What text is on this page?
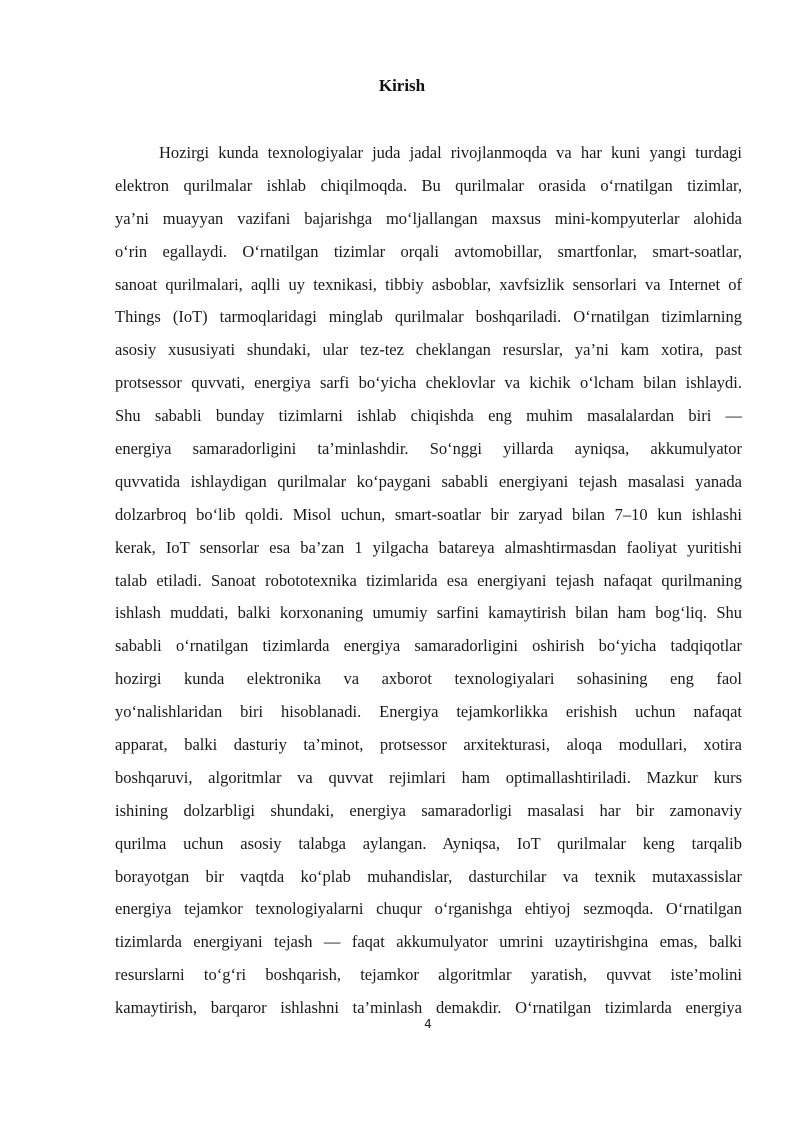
Kirish
Hozirgi kunda texnologiyalar juda jadal rivojlanmoqda va har kuni yangi turdagi
elektron qurilmalar ishlab chiqilmoqda. Bu qurilmalar orasida o‘rnatilgan tizimlar,
ya’ni muayyan vazifani bajarishga mo‘ljallangan maxsus mini-kompyuterlar alohida
o‘rin egallaydi. O‘rnatilgan tizimlar orqali avtomobillar, smartfonlar, smart-soatlar,
sanoat qurilmalari, aqlli uy texnikasi, tibbiy asboblar, xavfsizlik sensorlari va Internet of
Things (IoT) tarmoqlaridagi minglab qurilmalar boshqariladi. O‘rnatilgan tizimlarning
asosiy xususiyati shundaki, ular tez-tez cheklangan resurslar, ya’ni kam xotira, past
protsessor quvvati, energiya sarfi bo‘yicha cheklovlar va kichik o‘lcham bilan ishlaydi.
Shu sababli bunday tizimlarni ishlab chiqishda eng muhim masalalardan biri —
energiya samaradorligini ta’minlashdir. So‘nggi yillarda ayniqsa, akkumulyator
quvvatida ishlaydigan qurilmalar ko‘paygani sababli energiyani tejash masalasi yanada
dolzarbroq bo‘lib qoldi. Misol uchun, smart-soatlar bir zaryad bilan 7–10 kun ishlashi
kerak, IoT sensorlar esa ba’zan 1 yilgacha batareya almashtirmasdan faoliyat yuritishi
talab etiladi. Sanoat robototexnika tizimlarida esa energiyani tejash nafaqat qurilmaning
ishlash muddati, balki korxonaning umumiy sarfini kamaytirish bilan ham bog‘liq. Shu
sababli o‘rnatilgan tizimlarda energiya samaradorligini oshirish bo‘yicha tadqiqotlar
hozirgi kunda elektronika va axborot texnologiyalari sohasining eng faol
yo‘nalishlaridan biri hisoblanadi. Energiya tejamkorlikka erishish uchun nafaqat
apparat, balki dasturiy ta’minot, protsessor arxitekturasi, aloqa modullari, xotira
boshqaruvi, algoritmlar va quvvat rejimlari ham optimallashtiriladi. Mazkur kurs
ishining dolzarbligi shundaki, energiya samaradorligi masalasi har bir zamonaviy
qurilma uchun asosiy talabga aylangan. Ayniqsa, IoT qurilmalar keng tarqalib
borayotgan bir vaqtda ko‘plab muhandislar, dasturchilar va texnik mutaxassislar
energiya tejamkor texnologiyalarni chuqur o‘rganishga ehtiyoj sezmoqda. O‘rnatilgan
tizimlarda energiyani tejash — faqat akkumulyator umrini uzaytirishgina emas, balki
resurslarni to‘g‘ri boshqarish, tejamkor algoritmlar yaratish, quvvat iste’molini
kamaytirish, barqaror ishlashni ta’minlash demakdir. O‘rnatilgan tizimlarda energiya
4
